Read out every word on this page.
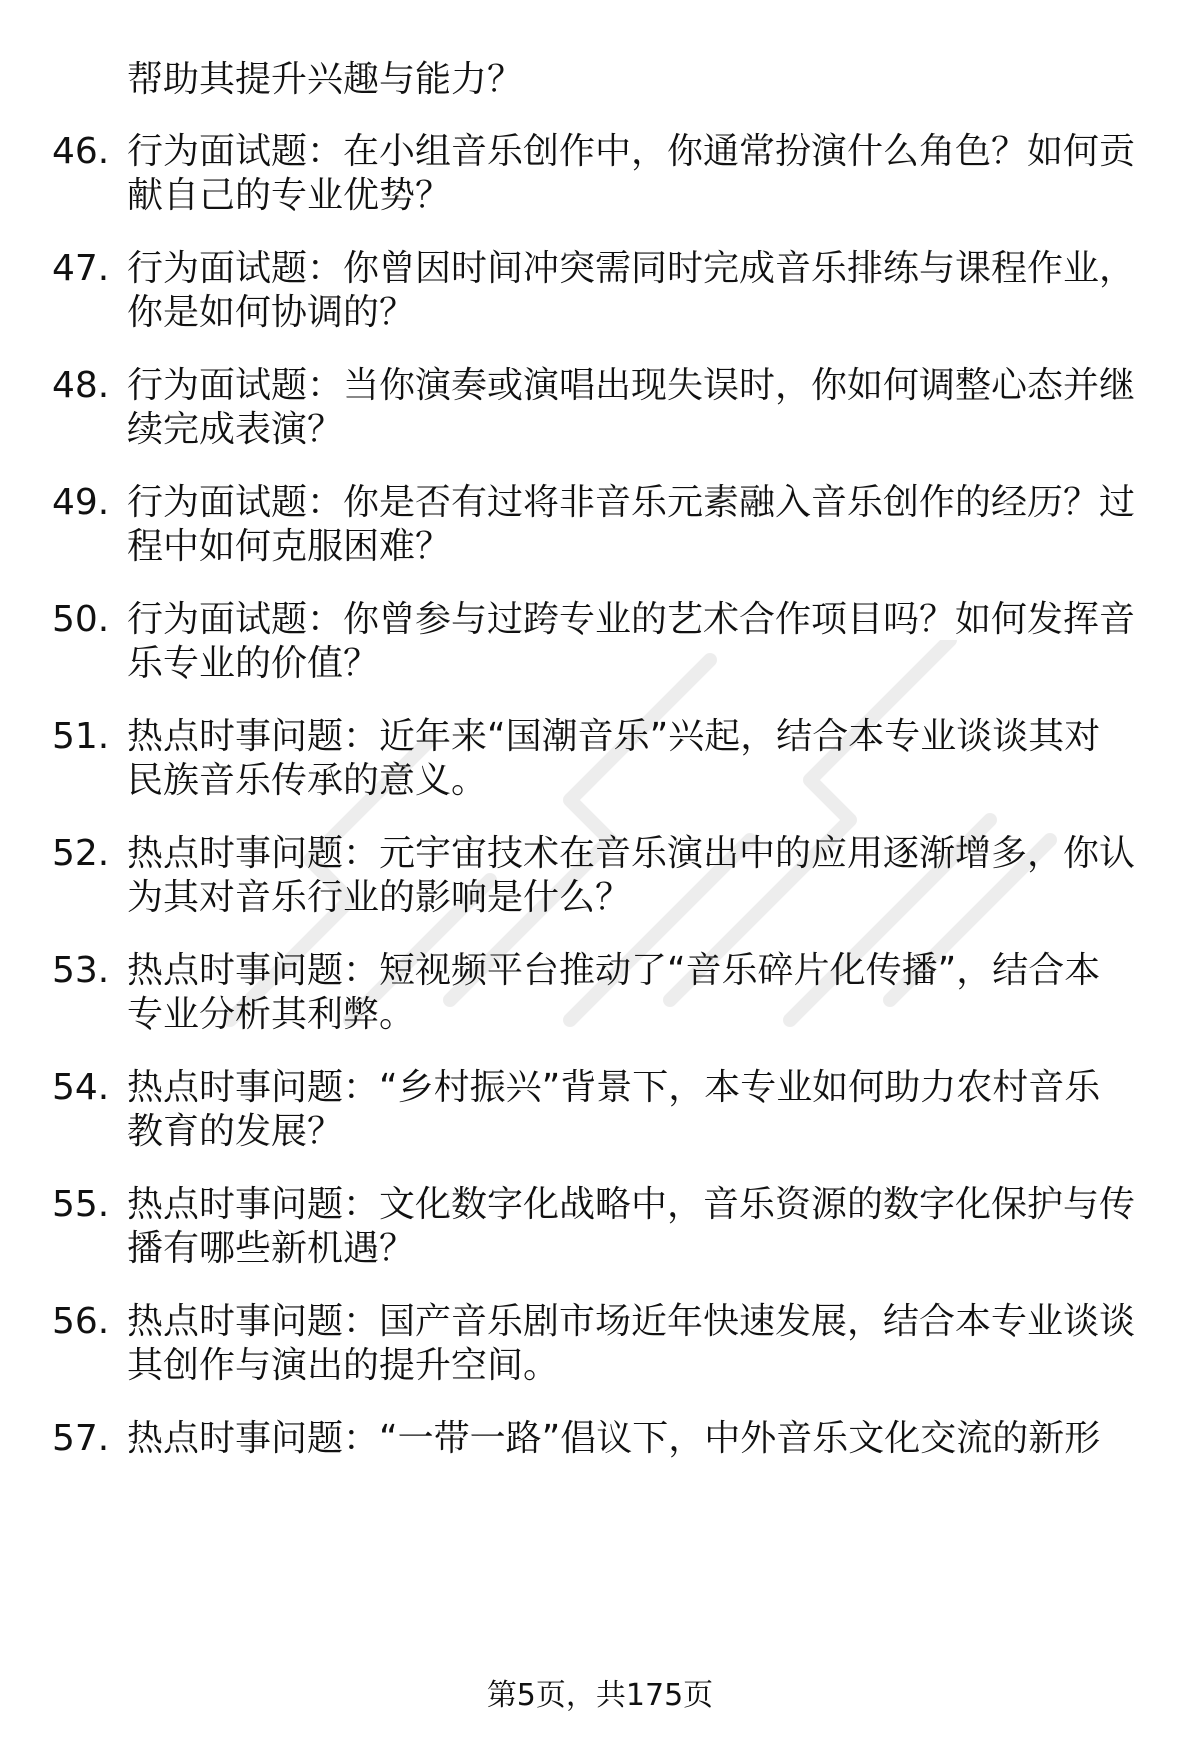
帮助其提升兴趣与能力？
46. 行为面试题：在小组音乐创作中，你通常扮演什么角色？如何贡
献自己的专业优势？
47. 行为面试题：你曾因时间冲突需同时完成音乐排练与课程作业，
你是如何协调的？
48. 行为面试题：当你演奏或演唱出现失误时，你如何调整心态并继
续完成表演？
49. 行为面试题：你是否有过将非音乐元素融入音乐创作的经历？过
程中如何克服困难？
50. 行为面试题：你曾参与过跨专业的艺术合作项目吗？如何发挥音
乐专业的价值？
51. 热点时事问题：近年来“国潮音乐”兴起，结合本专业谈谈其对
民族音乐传承的意义。
52. 热点时事问题：元宇宙技术在音乐演出中的应用逐渐增多，你认
为其对音乐行业的影响是什么？
53. 热点时事问题：短视频平台推动了“音乐碎片化传播”，结合本
专业分析其利弊。
54. 热点时事问题：“乡村振兴”背景下，本专业如何助力农村音乐
教育的发展？
55. 热点时事问题：文化数字化战略中，音乐资源的数字化保护与传
播有哪些新机遇？
56. 热点时事问题：国产音乐剧市场近年快速发展，结合本专业谈谈
其创作与演出的提升空间。
57. 热点时事问题：“一带一路”倡议下，中外音乐文化交流的新形
第5页，共175页
